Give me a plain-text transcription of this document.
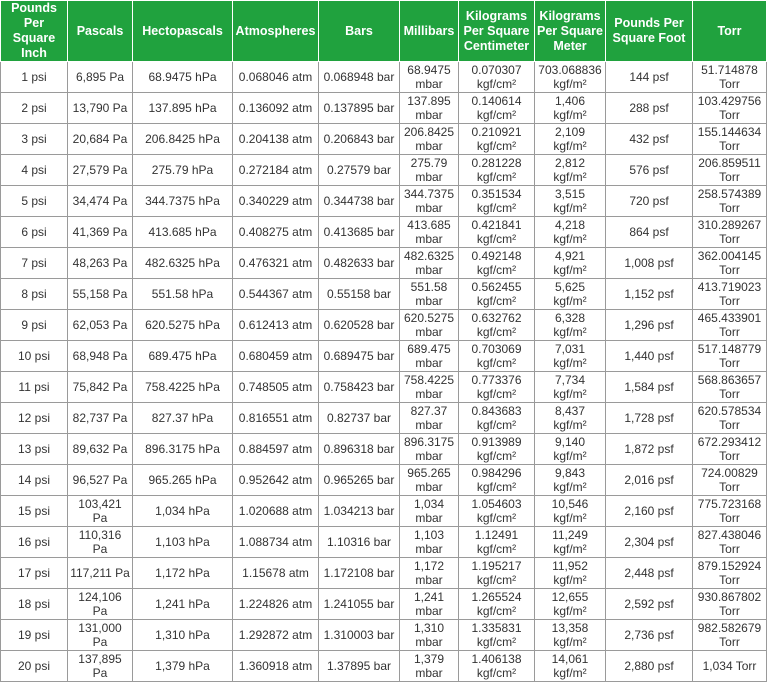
Pounds Per Square Inch	Pascals	Hectopascals	Atmospheres	Bars	Millibars	Kilograms Per Square Centimeter	Kilograms Per Square Meter	Pounds Per Square Foot	Torr
1 psi	6,895 Pa	68.9475 hPa	0.068046 atm	0.068948 bar	68.9475 mbar	0.070307 kgf/cm²	703.068836 kgf/m²	144 psf	51.714878 Torr
2 psi	13,790 Pa	137.895 hPa	0.136092 atm	0.137895 bar	137.895 mbar	0.140614 kgf/cm²	1,406 kgf/m²	288 psf	103.429756 Torr
3 psi	20,684 Pa	206.8425 hPa	0.204138 atm	0.206843 bar	206.8425 mbar	0.210921 kgf/cm²	2,109 kgf/m²	432 psf	155.144634 Torr
4 psi	27,579 Pa	275.79 hPa	0.272184 atm	0.27579 bar	275.79 mbar	0.281228 kgf/cm²	2,812 kgf/m²	576 psf	206.859511 Torr
5 psi	34,474 Pa	344.7375 hPa	0.340229 atm	0.344738 bar	344.7375 mbar	0.351534 kgf/cm²	3,515 kgf/m²	720 psf	258.574389 Torr
6 psi	41,369 Pa	413.685 hPa	0.408275 atm	0.413685 bar	413.685 mbar	0.421841 kgf/cm²	4,218 kgf/m²	864 psf	310.289267 Torr
7 psi	48,263 Pa	482.6325 hPa	0.476321 atm	0.482633 bar	482.6325 mbar	0.492148 kgf/cm²	4,921 kgf/m²	1,008 psf	362.004145 Torr
8 psi	55,158 Pa	551.58 hPa	0.544367 atm	0.55158 bar	551.58 mbar	0.562455 kgf/cm²	5,625 kgf/m²	1,152 psf	413.719023 Torr
9 psi	62,053 Pa	620.5275 hPa	0.612413 atm	0.620528 bar	620.5275 mbar	0.632762 kgf/cm²	6,328 kgf/m²	1,296 psf	465.433901 Torr
10 psi	68,948 Pa	689.475 hPa	0.680459 atm	0.689475 bar	689.475 mbar	0.703069 kgf/cm²	7,031 kgf/m²	1,440 psf	517.148779 Torr
11 psi	75,842 Pa	758.4225 hPa	0.748505 atm	0.758423 bar	758.4225 mbar	0.773376 kgf/cm²	7,734 kgf/m²	1,584 psf	568.863657 Torr
12 psi	82,737 Pa	827.37 hPa	0.816551 atm	0.82737 bar	827.37 mbar	0.843683 kgf/cm²	8,437 kgf/m²	1,728 psf	620.578534 Torr
13 psi	89,632 Pa	896.3175 hPa	0.884597 atm	0.896318 bar	896.3175 mbar	0.913989 kgf/cm²	9,140 kgf/m²	1,872 psf	672.293412 Torr
14 psi	96,527 Pa	965.265 hPa	0.952642 atm	0.965265 bar	965.265 mbar	0.984296 kgf/cm²	9,843 kgf/m²	2,016 psf	724.00829 Torr
15 psi	103,421 Pa	1,034 hPa	1.020688 atm	1.034213 bar	1,034 mbar	1.054603 kgf/cm²	10,546 kgf/m²	2,160 psf	775.723168 Torr
16 psi	110,316 Pa	1,103 hPa	1.088734 atm	1.10316 bar	1,103 mbar	1.12491 kgf/cm²	11,249 kgf/m²	2,304 psf	827.438046 Torr
17 psi	117,211 Pa	1,172 hPa	1.15678 atm	1.172108 bar	1,172 mbar	1.195217 kgf/cm²	11,952 kgf/m²	2,448 psf	879.152924 Torr
18 psi	124,106 Pa	1,241 hPa	1.224826 atm	1.241055 bar	1,241 mbar	1.265524 kgf/cm²	12,655 kgf/m²	2,592 psf	930.867802 Torr
19 psi	131,000 Pa	1,310 hPa	1.292872 atm	1.310003 bar	1,310 mbar	1.335831 kgf/cm²	13,358 kgf/m²	2,736 psf	982.582679 Torr
20 psi	137,895 Pa	1,379 hPa	1.360918 atm	1.37895 bar	1,379 mbar	1.406138 kgf/cm²	14,061 kgf/m²	2,880 psf	1,034 Torr
